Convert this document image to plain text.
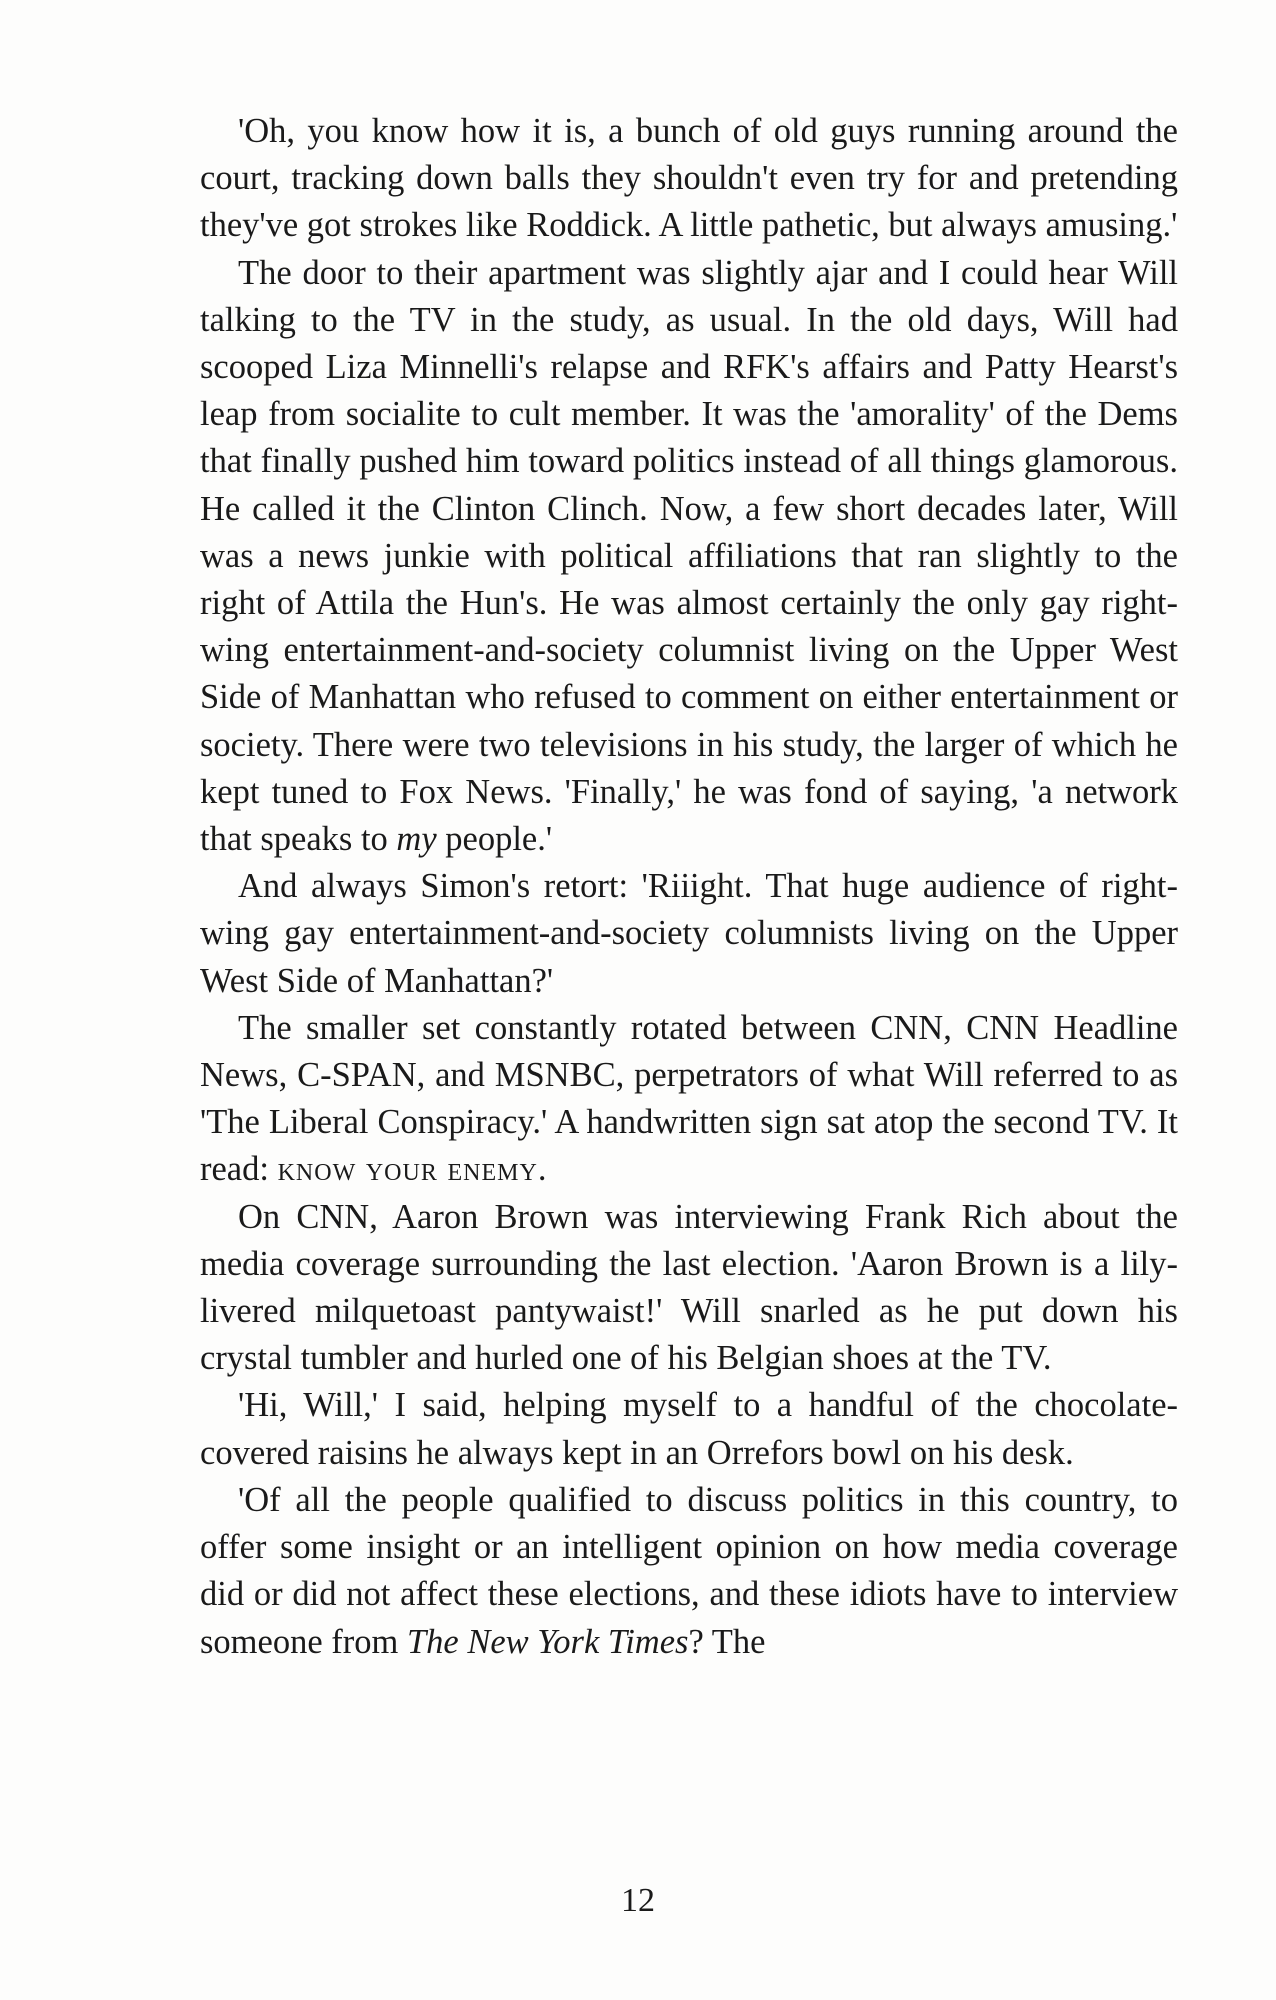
'Oh, you know how it is, a bunch of old guys running around the court, tracking down balls they shouldn't even try for and pretending they've got strokes like Roddick. A little pathetic, but always amusing.'

The door to their apartment was slightly ajar and I could hear Will talking to the TV in the study, as usual. In the old days, Will had scooped Liza Minnelli's relapse and RFK's affairs and Patty Hearst's leap from socialite to cult member. It was the 'amorality' of the Dems that finally pushed him toward politics instead of all things glamorous. He called it the Clinton Clinch. Now, a few short decades later, Will was a news junkie with political affiliations that ran slightly to the right of Attila the Hun's. He was almost certainly the only gay right-wing entertainment-and-society columnist living on the Upper West Side of Manhattan who refused to comment on either entertainment or society. There were two televisions in his study, the larger of which he kept tuned to Fox News. 'Finally,' he was fond of saying, 'a network that speaks to my people.'

And always Simon's retort: 'Riiight. That huge audience of right-wing gay entertainment-and-society columnists living on the Upper West Side of Manhattan?'

The smaller set constantly rotated between CNN, CNN Headline News, C-SPAN, and MSNBC, perpetrators of what Will referred to as 'The Liberal Conspiracy.' A handwritten sign sat atop the second TV. It read: know your enemy.

On CNN, Aaron Brown was interviewing Frank Rich about the media coverage surrounding the last election. 'Aaron Brown is a lily-livered milquetoast pantywaist!' Will snarled as he put down his crystal tumbler and hurled one of his Belgian shoes at the TV.

'Hi, Will,' I said, helping myself to a handful of the chocolate-covered raisins he always kept in an Orrefors bowl on his desk.

'Of all the people qualified to discuss politics in this country, to offer some insight or an intelligent opinion on how media coverage did or did not affect these elections, and these idiots have to interview someone from The New York Times? The

12
